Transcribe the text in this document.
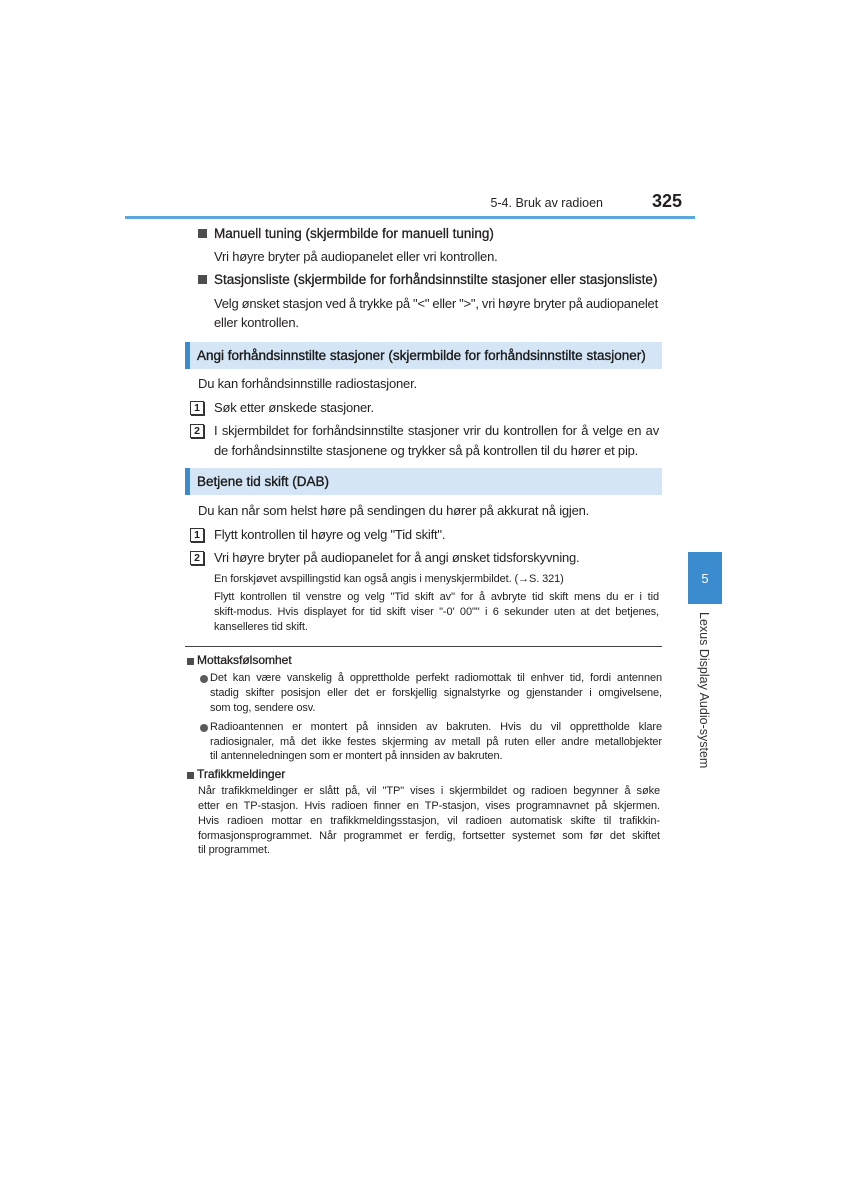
5-4. Bruk av radioen	325
5
Lexus Display Audio-system
Manuell tuning (skjermbilde for manuell tuning)
Vri høyre bryter på audiopanelet eller vri kontrollen.
Stasjonsliste (skjermbilde for forhåndsinnstilte stasjoner eller stasjonsliste)
Velg ønsket stasjon ved å trykke på "<" eller ">", vri høyre bryter på audiopanelet
eller kontrollen.
Angi forhåndsinnstilte stasjoner (skjermbilde for forhåndsinnstilte stasjoner)
Du kan forhåndsinnstille radiostasjoner.
1	Søk etter ønskede stasjoner.
2	I skjermbildet for forhåndsinnstilte stasjoner vrir du kontrollen for å velge en av
de forhåndsinnstilte stasjonene og trykker så på kontrollen til du hører et pip.
Betjene tid skift (DAB)
Du kan når som helst høre på sendingen du hører på akkurat nå igjen.
1	Flytt kontrollen til høyre og velg "Tid skift".
2	Vri høyre bryter på audiopanelet for å angi ønsket tidsforskyvning.
En forskjøvet avspillingstid kan også angis i menyskjermbildet. (→S. 321)
Flytt kontrollen til venstre og velg "Tid skift av" for å avbryte tid skift mens du er i tid
skift-modus. Hvis displayet for tid skift viser "-0' 00"" i 6 sekunder uten at det betjenes,
kanselleres tid skift.
Mottaksfølsomhet
Det kan være vanskelig å opprettholde perfekt radiomottak til enhver tid, fordi antennen
stadig skifter posisjon eller det er forskjellig signalstyrke og gjenstander i omgivelsene,
som tog, sendere osv.
Radioantennen er montert på innsiden av bakruten. Hvis du vil opprettholde klare
radiosignaler, må det ikke festes skjerming av metall på ruten eller andre metallobjekter
til antenneledningen som er montert på innsiden av bakruten.
Trafikkmeldinger
Når trafikkmeldinger er slått på, vil "TP" vises i skjermbildet og radioen begynner å søke
etter en TP-stasjon. Hvis radioen finner en TP-stasjon, vises programnavnet på skjermen.
Hvis radioen mottar en trafikkmeldingsstasjon, vil radioen automatisk skifte til trafikkin-
formasjonsprogrammet. Når programmet er ferdig, fortsetter systemet som før det skiftet
til programmet.
